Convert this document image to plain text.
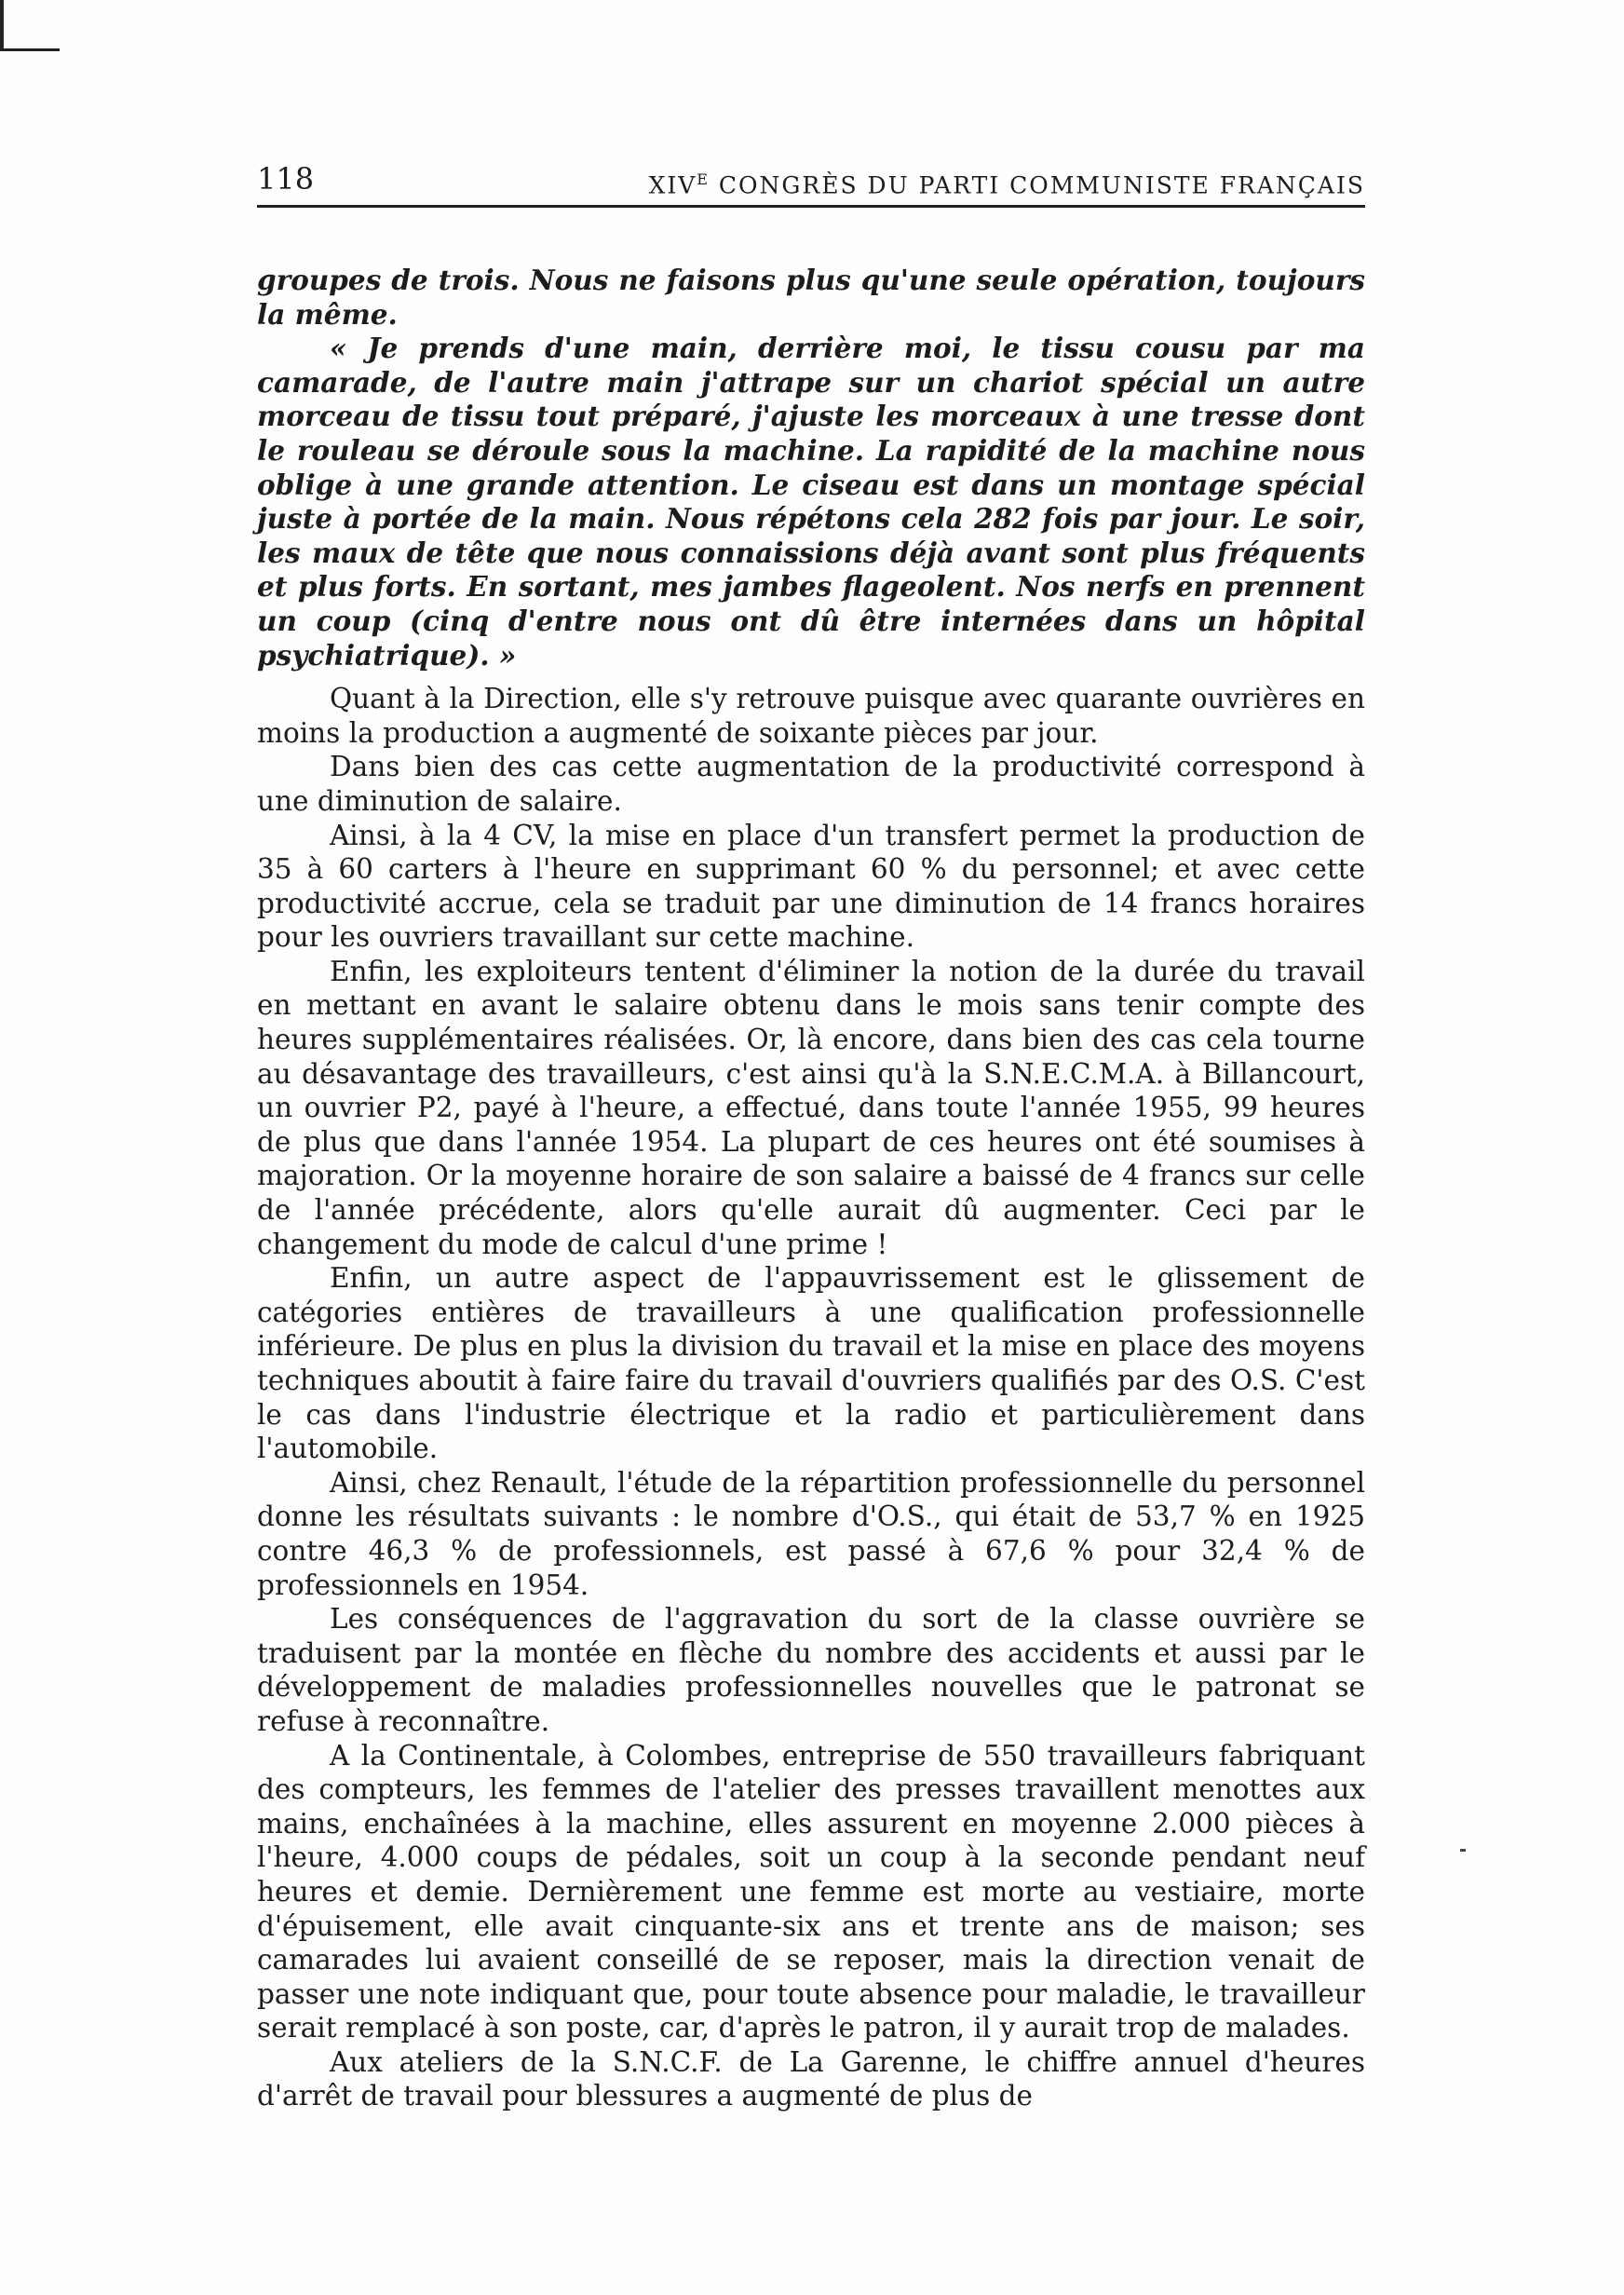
118	$XIV^E$ CONGRÈS DU PARTI COMMUNISTE FRANÇAIS

groupes de trois. Nous ne faisons plus qu'une seule opération, toujours la même.

« Je prends d'une main, derrière moi, le tissu cousu par ma camarade, de l'autre main j'attrape sur un chariot spécial un autre morceau de tissu tout préparé, j'ajuste les morceaux à une tresse dont le rouleau se déroule sous la machine. La rapidité de la machine nous oblige à une grande attention. Le ciseau est dans un montage spécial juste à portée de la main. Nous répétons cela 282 fois par jour. Le soir, les maux de tête que nous connaissions déjà avant sont plus fréquents et plus forts. En sortant, mes jambes flageolent. Nos nerfs en prennent un coup (cinq d'entre nous ont dû être internées dans un hôpital psychiatrique). »

Quant à la Direction, elle s'y retrouve puisque avec quarante ouvrières en moins la production a augmenté de soixante pièces par jour.

Dans bien des cas cette augmentation de la productivité correspond à une diminution de salaire.

Ainsi, à la 4 CV, la mise en place d'un transfert permet la production de 35 à 60 carters à l'heure en supprimant 60 % du personnel; et avec cette productivité accrue, cela se traduit par une diminution de 14 francs horaires pour les ouvriers travaillant sur cette machine.

Enfin, les exploiteurs tentent d'éliminer la notion de la durée du travail en mettant en avant le salaire obtenu dans le mois sans tenir compte des heures supplémentaires réalisées. Or, là encore, dans bien des cas cela tourne au désavantage des travailleurs, c'est ainsi qu'à la S.N.E.C.M.A. à Billancourt, un ouvrier P2, payé à l'heure, a effectué, dans toute l'année 1955, 99 heures de plus que dans l'année 1954. La plupart de ces heures ont été soumises à majoration. Or la moyenne horaire de son salaire a baissé de 4 francs sur celle de l'année précédente, alors qu'elle aurait dû augmenter. Ceci par le changement du mode de calcul d'une prime !

Enfin, un autre aspect de l'appauvrissement est le glissement de catégories entières de travailleurs à une qualification professionnelle inférieure. De plus en plus la division du travail et la mise en place des moyens techniques aboutit à faire faire du travail d'ouvriers qualifiés par des O.S. C'est le cas dans l'industrie électrique et la radio et particulièrement dans l'automobile.

Ainsi, chez Renault, l'étude de la répartition professionnelle du personnel donne les résultats suivants : le nombre d'O.S., qui était de 53,7 % en 1925 contre 46,3 % de professionnels, est passé à 67,6 % pour 32,4 % de professionnels en 1954.

Les conséquences de l'aggravation du sort de la classe ouvrière se traduisent par la montée en flèche du nombre des accidents et aussi par le développement de maladies professionnelles nouvelles que le patronat se refuse à reconnaître.

A la Continentale, à Colombes, entreprise de 550 travailleurs fabriquant des compteurs, les femmes de l'atelier des presses travaillent menottes aux mains, enchaînées à la machine, elles assurent en moyenne 2.000 pièces à l'heure, 4.000 coups de pédales, soit un coup à la seconde pendant neuf heures et demie. Dernièrement une femme est morte au vestiaire, morte d'épuisement, elle avait cinquante-six ans et trente ans de maison; ses camarades lui avaient conseillé de se reposer, mais la direction venait de passer une note indiquant que, pour toute absence pour maladie, le travailleur serait remplacé à son poste, car, d'après le patron, il y aurait trop de malades.

Aux ateliers de la S.N.C.F. de La Garenne, le chiffre annuel d'heures d'arrêt de travail pour blessures a augmenté de plus de
